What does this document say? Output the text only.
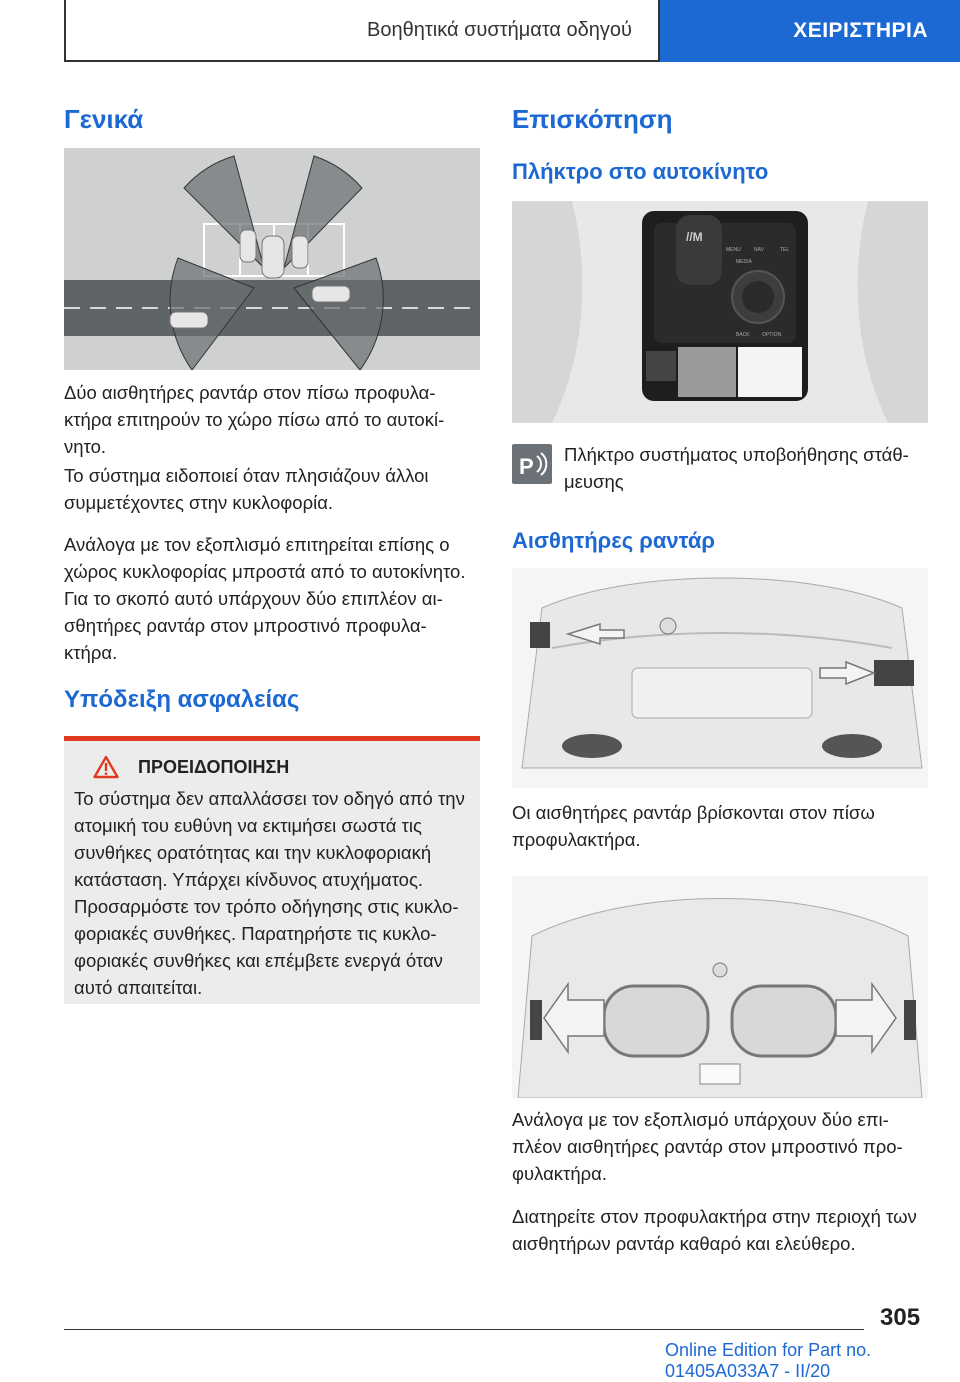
Βοηθητικά συστήματα οδηγού	ΧΕΙΡΙΣΤΗΡΙΑ
Γενικά

Δύο αισθητήρες ραντάρ στον πίσω προφυλα‐
κτήρα επιτηρούν το χώρο πίσω από το αυτοκί‐
νητο.

Το σύστημα ειδοποιεί όταν πλησιάζουν άλλοι
συμμετέχοντες στην κυκλοφορία.

Ανάλογα με τον εξοπλισμό επιτηρείται επίσης ο
χώρος κυκλοφορίας μπροστά από το αυτοκίνητο.
Για το σκοπό αυτό υπάρχουν δύο επιπλέον αι‐
σθητήρες ραντάρ στον μπροστινό προφυλα‐
κτήρα.

Υπόδειξη ασφαλείας
ΠΡΟΕΙΔΟΠΟΙΗΣΗ

Το σύστημα δεν απαλλάσσει τον οδηγό από την
ατομική του ευθύνη να εκτιμήσει σωστά τις
συνθήκες ορατότητας και την κυκλοφοριακή
κατάσταση. Υπάρχει κίνδυνος ατυχήματος.
Προσαρμόστε τον τρόπο οδήγησης στις κυκλο‐
φοριακές συνθήκες. Παρατηρήστε τις κυκλο‐
φοριακές συνθήκες και επέμβετε ενεργά όταν
αυτό απαιτείται.

Επισκόπηση
Πλήκτρο στο αυτοκίνητο
//M
MENU	NAV	TEL
MEDIA
BACK OPTION
P Πλήκτρο συστήματος υποβοήθησης στάθ‐
μευσης

Αισθητήρες ραντάρ

Οι αισθητήρες ραντάρ βρίσκονται στον πίσω
προφυλακτήρα.

Ανάλογα με τον εξοπλισμό υπάρχουν δύο επι‐
πλέον αισθητήρες ραντάρ στον μπροστινό προ‐
φυλακτήρα.

Διατηρείτε στον προφυλακτήρα στην περιοχή των
αισθητήρων ραντάρ καθαρό και ελεύθερο.

305
Online Edition for Part no. 01405A033A7 - II/20
